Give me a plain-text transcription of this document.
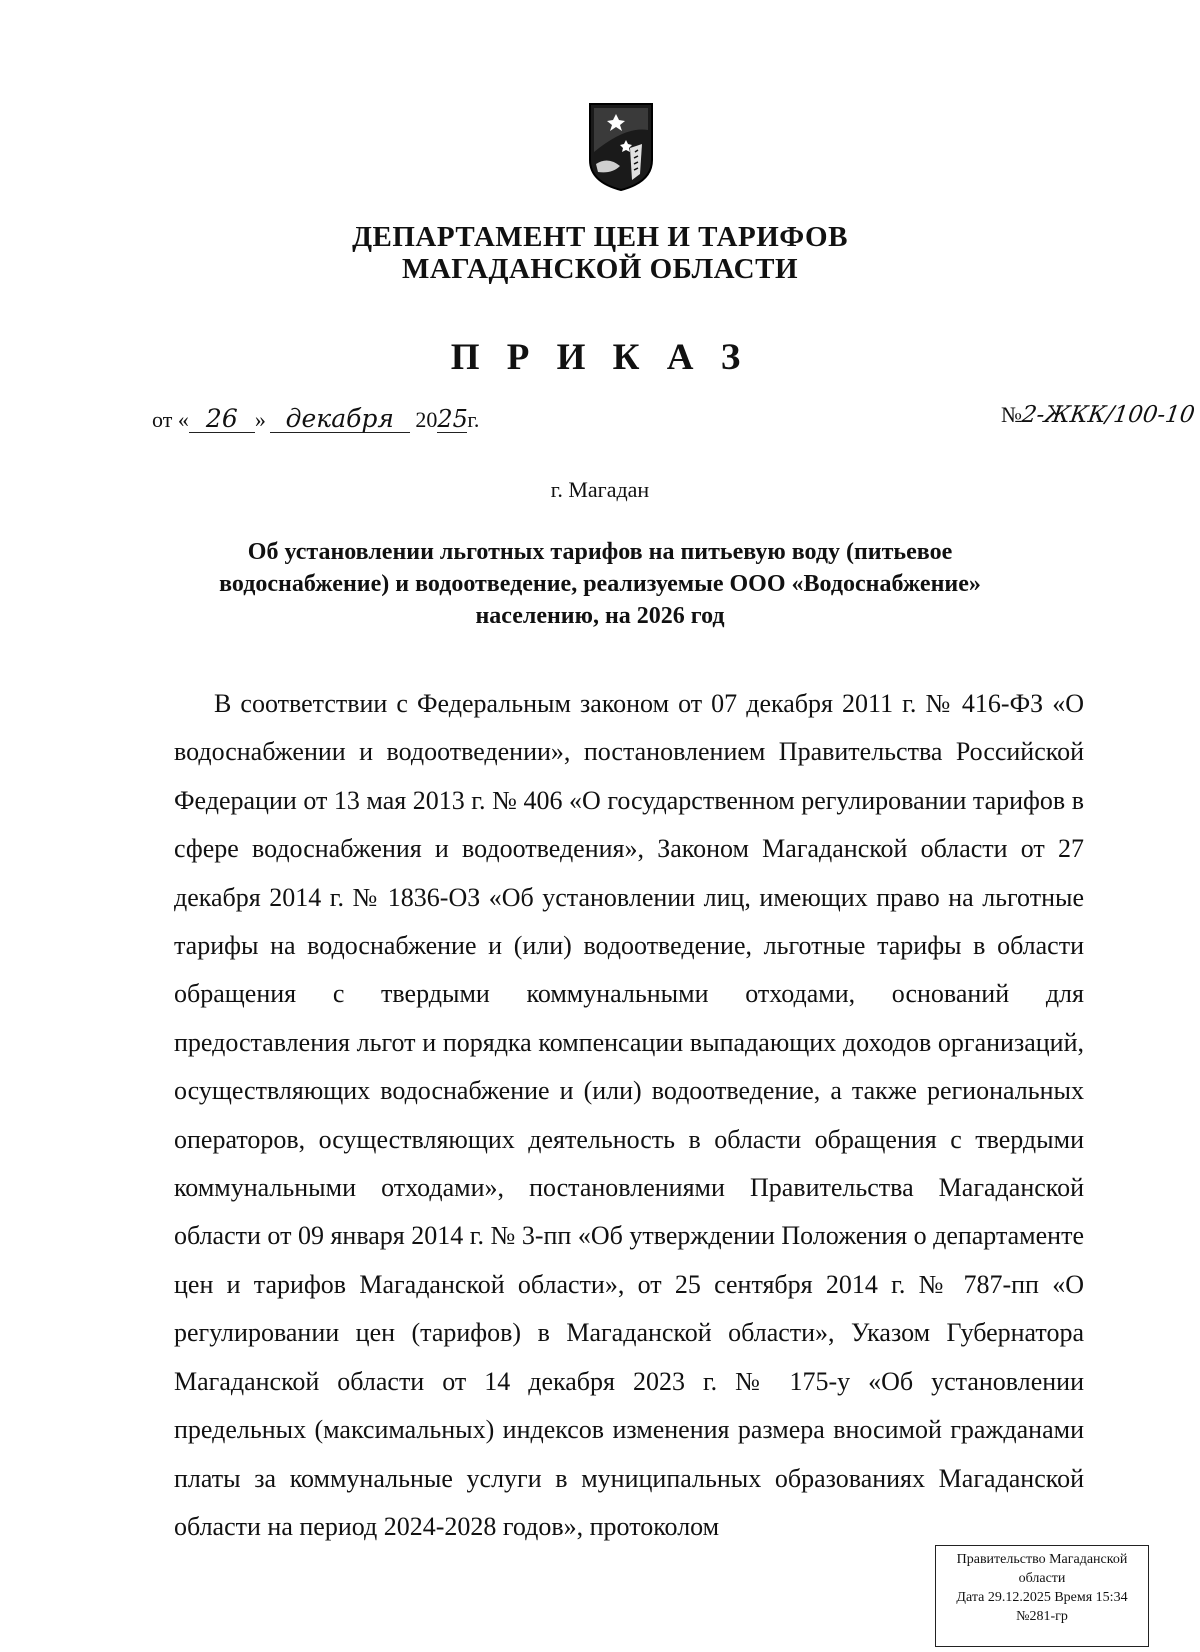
ДЕПАРТАМЕНТ ЦЕН И ТАРИФОВ
МАГАДАНСКОЙ ОБЛАСТИ
П Р И К А З
от « 26 » декабря 2025г.	№2-ЖКК/100-10
г. Магадан
Об установлении льготных тарифов на питьевую воду (питьевое
водоснабжение) и водоотведение, реализуемые ООО «Водоснабжение»
населению, на 2026 год
В соответствии с Федеральным законом от 07 декабря 2011 г. № 416-ФЗ «О водоснабжении и водоотведении», постановлением Правительства Российской Федерации от 13 мая 2013 г. № 406 «О государственном регулировании тарифов в сфере водоснабжения и водоотведения», Законом Магаданской области от 27 декабря 2014 г. № 1836-ОЗ «Об установлении лиц, имеющих право на льготные тарифы на водоснабжение и (или) водоотведение, льготные тарифы в области обращения с твердыми коммунальными отходами, оснований для предоставления льгот и порядка компенсации выпадающих доходов организаций, осуществляющих водоснабжение и (или) водоотведение, а также региональных операторов, осуществляющих деятельность в области обращения с твердыми коммунальными отходами», постановлениями Правительства Магаданской области от 09 января 2014 г. № 3-пп «Об утверждении Положения о департаменте цен и тарифов Магаданской области», от 25 сентября 2014 г. № 787-пп «О регулировании цен (тарифов) в Магаданской области», Указом Губернатора Магаданской области от 14 декабря 2023 г. № 175-у «Об установлении предельных (максимальных) индексов изменения размера вносимой гражданами платы за коммунальные услуги в муниципальных образованиях Магаданской области на период 2024-2028 годов», протоколом
Правительство Магаданской
области
Дата 29.12.2025 Время 15:34
№281-гр
